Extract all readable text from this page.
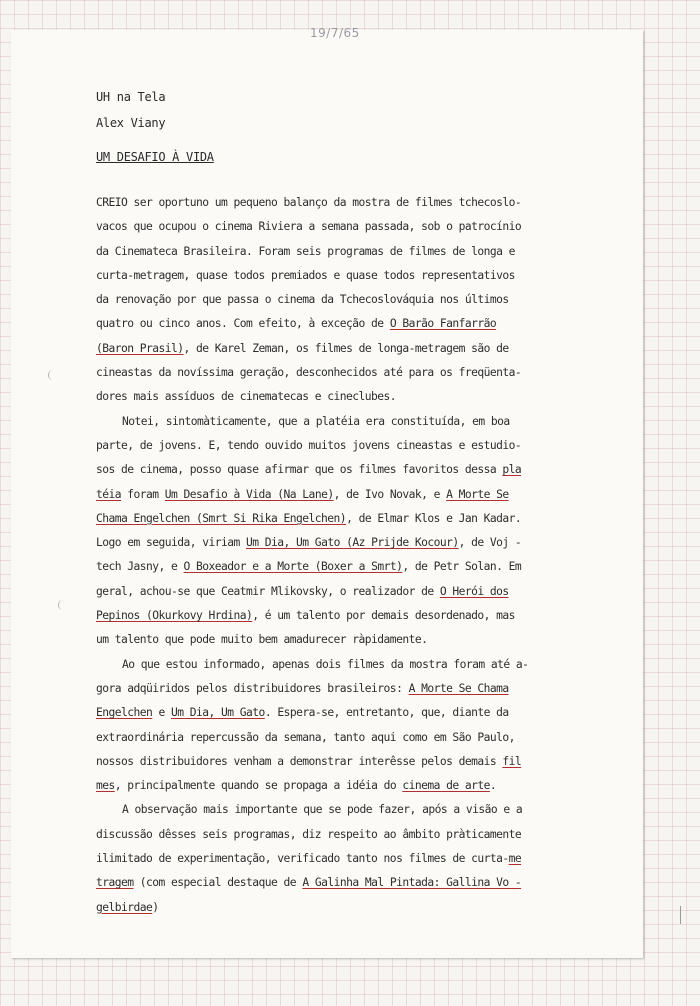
19/7/65
UH na Tela
Alex Viany
UM DESAFIO À VIDA
CREIO ser oportuno um pequeno balanço da mostra de filmes tchecoslo-
vacos que ocupou o cinema Riviera a semana passada, sob o patrocínio
da Cinemateca Brasileira. Foram seis programas de filmes de longa e
curta-metragem, quase todos premiados e quase todos representativos
da renovação por que passa o cinema da Tchecoslováquia nos últimos
quatro ou cinco anos. Com efeito, à exceção de O Barão Fanfarrão
(Baron Prasil), de Karel Zeman, os filmes de longa-metragem são de
cineastas da novíssima geração, desconhecidos até para os freqüenta-
dores mais assíduos de cinematecas e cineclubes.
Notei, sintomàticamente, que a platéia era constituída, em boa
parte, de jovens. E, tendo ouvido muitos jovens cineastas e estudio-
sos de cinema, posso quase afirmar que os filmes favoritos dessa pla
téia foram Um Desafio à Vida (Na Lane), de Ivo Novak, e A Morte Se
Chama Engelchen (Smrt Si Rika Engelchen), de Elmar Klos e Jan Kadar.
Logo em seguida, viriam Um Dia, Um Gato (Az Prijde Kocour), de Voj -
tech Jasny, e O Boxeador e a Morte (Boxer a Smrt), de Petr Solan. Em
geral, achou-se que Ceatmir Mlikovsky, o realizador de O Herói dos
Pepinos (Okurkovy Hrdina), é um talento por demais desordenado, mas
um talento que pode muito bem amadurecer ràpidamente.
Ao que estou informado, apenas dois filmes da mostra foram até a-
gora adqüiridos pelos distribuidores brasileiros: A Morte Se Chama
Engelchen e Um Dia, Um Gato. Espera-se, entretanto, que, diante da
extraordinária repercussão da semana, tanto aqui como em São Paulo,
nossos distribuidores venham a demonstrar interêsse pelos demais fil
mes, principalmente quando se propaga a idéia do cinema de arte.
A observação mais importante que se pode fazer, após a visão e a
discussão dêsses seis programas, diz respeito ao âmbito pràticamente
ilimitado de experimentação, verificado tanto nos filmes de curta-me
tragem (com especial destaque de A Galinha Mal Pintada: Gallina Vo -
gelbirdae)
